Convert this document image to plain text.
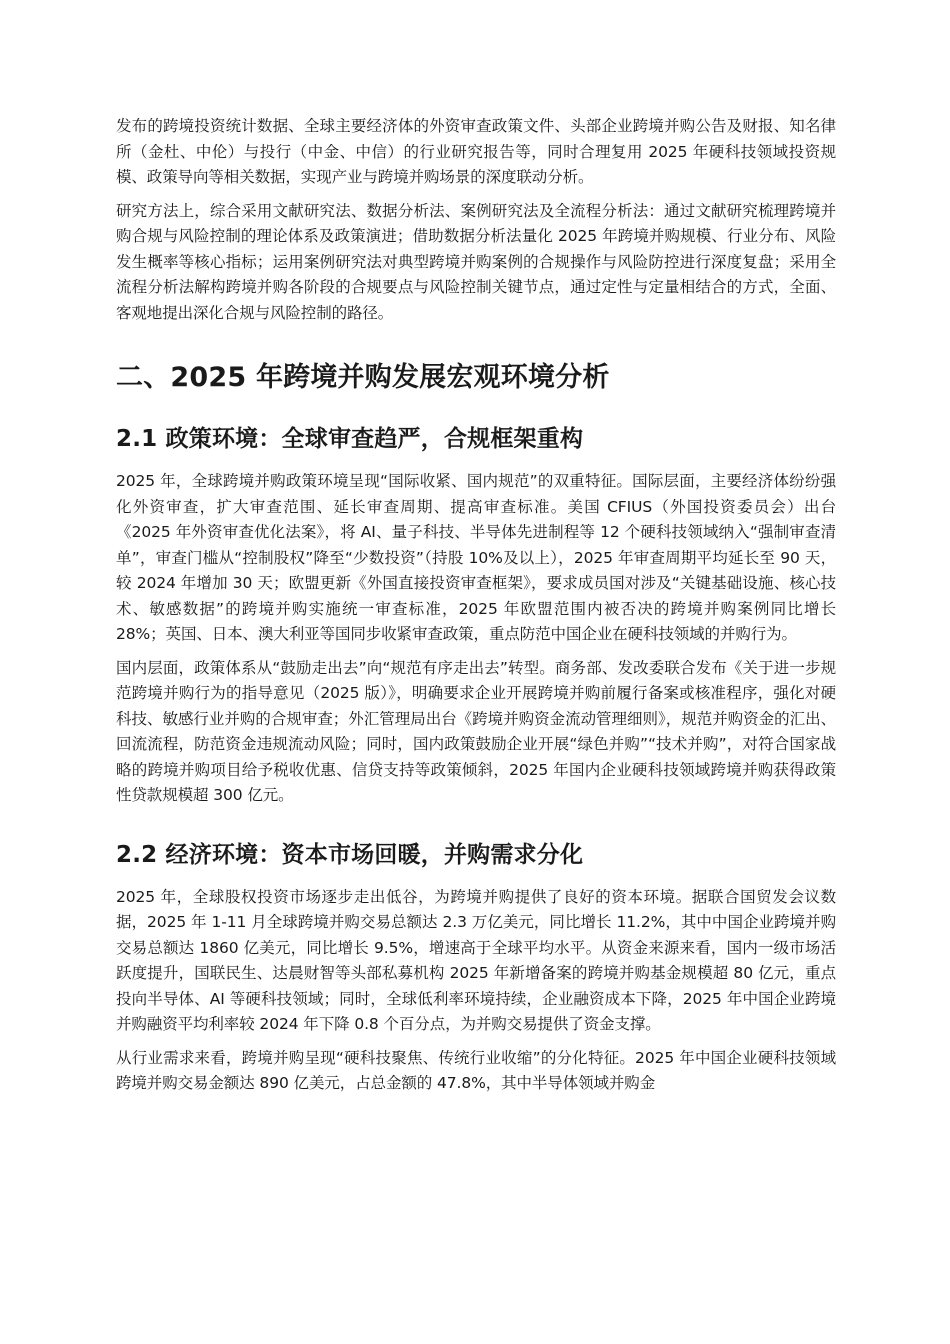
发布的跨境投资统计数据、全球主要经济体的外资审查政策文件、头部企业跨境并购公告及财报、知名律所（金杜、中伦）与投行（中金、中信）的行业研究报告等，同时合理复用 2025 年硬科技领域投资规模、政策导向等相关数据，实现产业与跨境并购场景的深度联动分析。

研究方法上，综合采用文献研究法、数据分析法、案例研究法及全流程分析法：通过文献研究梳理跨境并购合规与风险控制的理论体系及政策演进；借助数据分析法量化 2025 年跨境并购规模、行业分布、风险发生概率等核心指标；运用案例研究法对典型跨境并购案例的合规操作与风险防控进行深度复盘；采用全流程分析法解构跨境并购各阶段的合规要点与风险控制关键节点，通过定性与定量相结合的方式，全面、客观地提出深化合规与风险控制的路径。

二、2025 年跨境并购发展宏观环境分析
2.1 政策环境：全球审查趋严，合规框架重构

2025 年，全球跨境并购政策环境呈现“国际收紧、国内规范”的双重特征。国际层面，主要经济体纷纷强化外资审查，扩大审查范围、延长审查周期、提高审查标准。美国 CFIUS（外国投资委员会）出台《2025 年外资审查优化法案》，将 AI、量子科技、半导体先进制程等 12 个硬科技领域纳入“强制审查清单”，审查门槛从“控制股权”降至“少数投资”（持股 10%及以上），2025 年审查周期平均延长至 90 天，较 2024 年增加 30 天；欧盟更新《外国直接投资审查框架》，要求成员国对涉及“关键基础设施、核心技术、敏感数据”的跨境并购实施统一审查标准，2025 年欧盟范围内被否决的跨境并购案例同比增长 28%；英国、日本、澳大利亚等国同步收紧审查政策，重点防范中国企业在硬科技领域的并购行为。

国内层面，政策体系从“鼓励走出去”向“规范有序走出去”转型。商务部、发改委联合发布《关于进一步规范跨境并购行为的指导意见（2025 版）》，明确要求企业开展跨境并购前履行备案或核准程序，强化对硬科技、敏感行业并购的合规审查；外汇管理局出台《跨境并购资金流动管理细则》，规范并购资金的汇出、回流流程，防范资金违规流动风险；同时，国内政策鼓励企业开展“绿色并购”“技术并购”，对符合国家战略的跨境并购项目给予税收优惠、信贷支持等政策倾斜，2025 年国内企业硬科技领域跨境并购获得政策性贷款规模超 300 亿元。

2.2 经济环境：资本市场回暖，并购需求分化

2025 年，全球股权投资市场逐步走出低谷，为跨境并购提供了良好的资本环境。据联合国贸发会议数据，2025 年 1-11 月全球跨境并购交易总额达 2.3 万亿美元，同比增长 11.2%，其中中国企业跨境并购交易总额达 1860 亿美元，同比增长 9.5%，增速高于全球平均水平。从资金来源来看，国内一级市场活跃度提升，国联民生、达晨财智等头部私募机构 2025 年新增备案的跨境并购基金规模超 80 亿元，重点投向半导体、AI 等硬科技领域；同时，全球低利率环境持续，企业融资成本下降，2025 年中国企业跨境并购融资平均利率较 2024 年下降 0.8 个百分点，为并购交易提供了资金支撑。

从行业需求来看，跨境并购呈现“硬科技聚焦、传统行业收缩”的分化特征。2025 年中国企业硬科技领域跨境并购交易金额达 890 亿美元，占总金额的 47.8%，其中半导体领域并购金
